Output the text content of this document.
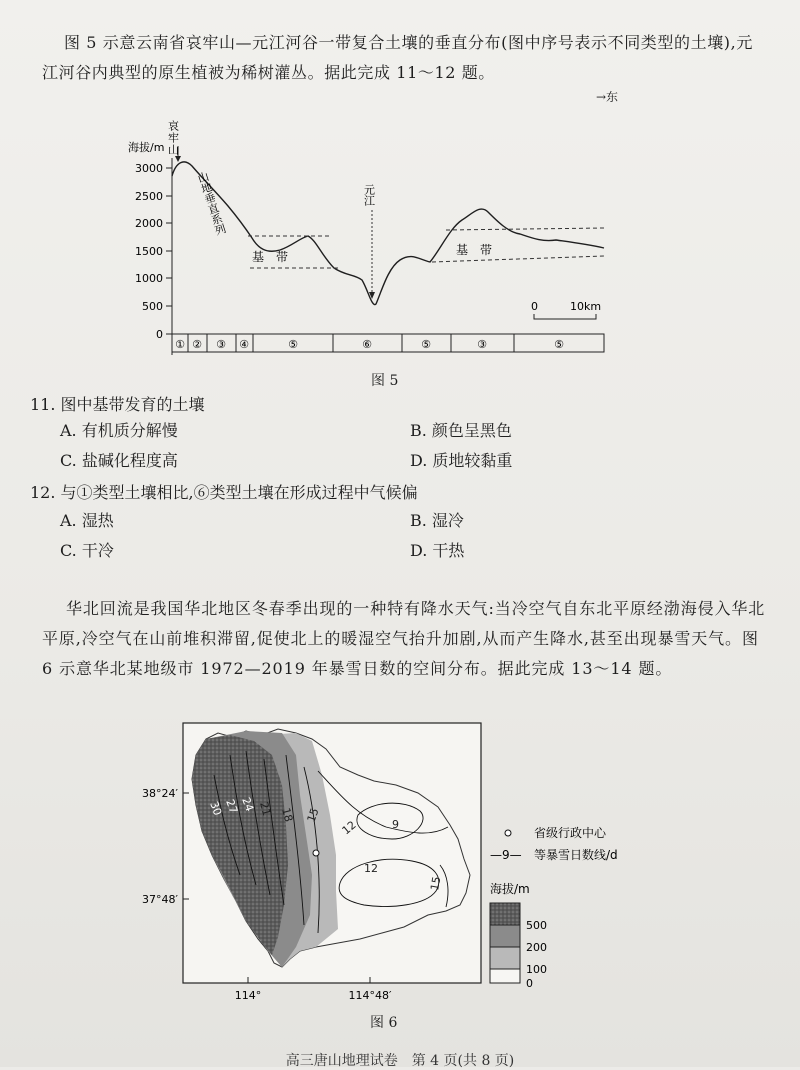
图 5 示意云南省哀牢山—元江河谷一带复合土壤的垂直分布(图中序号表示不同类型的土壤),元江河谷内典型的原生植被为稀树灌丛。据此完成 11～12 题。
→东
海拔/m
3000
2500
2000
1500
1000
500
0
哀牢山
山地垂直系列	元江
基　带	基　带
0	10km
① ② ③ ④	⑤	⑥	⑤	③	⑤
图 5
11. 图中基带发育的土壤
A. 有机质分解慢	B. 颜色呈黑色
C. 盐碱化程度高	D. 质地较黏重
12. 与①类型土壤相比,⑥类型土壤在形成过程中气候偏
A. 湿热	B. 湿冷
C. 干冷	D. 干热
华北回流是我国华北地区冬春季出现的一种特有降水天气:当冷空气自东北平原经渤海侵入华北平原,冷空气在山前堆积滞留,促使北上的暖湿空气抬升加剧,从而产生降水,甚至出现暴雪天气。图 6 示意华北某地级市 1972—2019 年暴雪日数的空间分布。据此完成 13～14 题。
30
27
24 21 18 15
12	9
12
15
38°24′
37°48′
114°	114°48′
省级行政中心
—9— 等暴雪日数线/d
海拔/m
500
200
100
0
图 6
高三唐山地理试卷　第 4 页(共 8 页)
